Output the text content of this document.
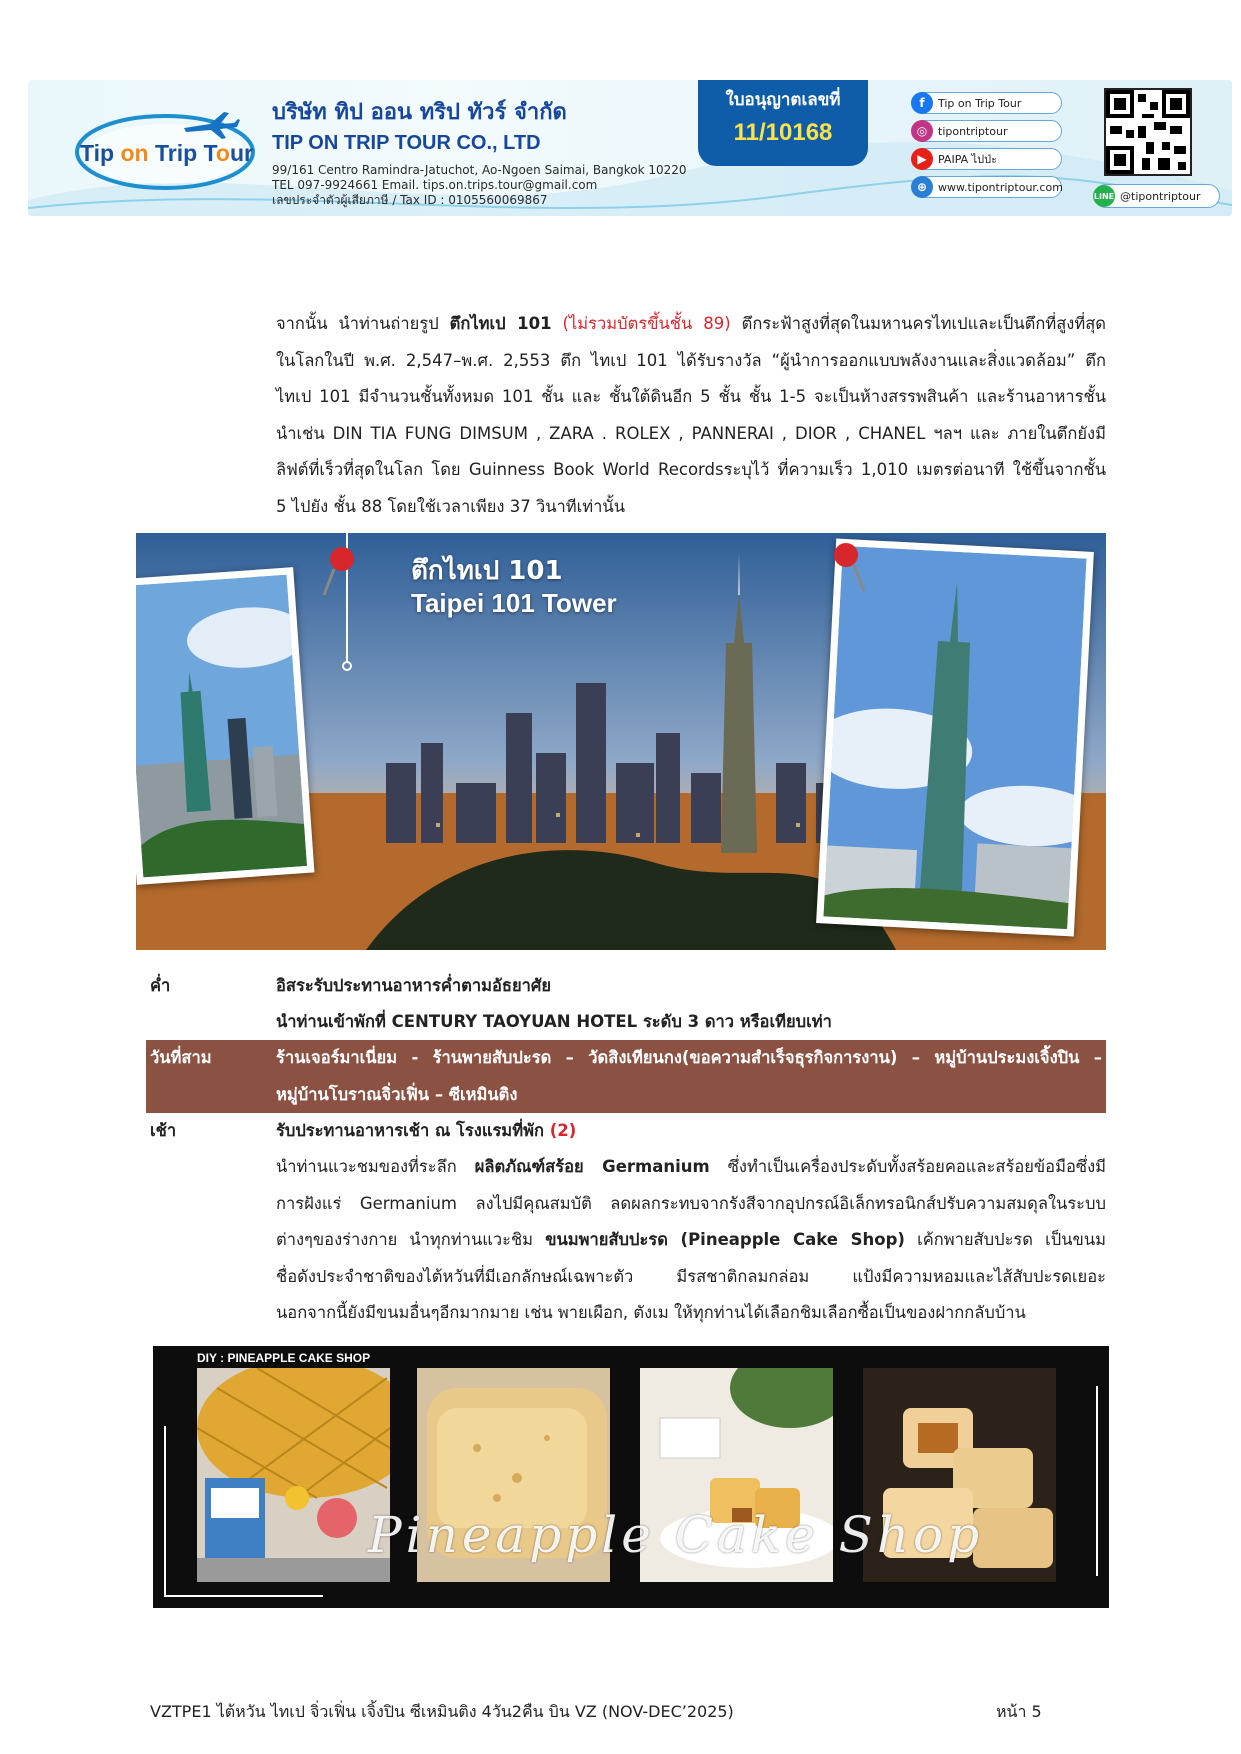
Tip on Trip Tour
บริษัท ทิป ออน ทริป ทัวร์ จำกัด
TIP ON TRIP TOUR CO., LTD
99/161 Centro Ramindra-Jatuchot, Ao-Ngoen Saimai, Bangkok 10220
TEL 097-9924661 Email. tips.on.trips.tour@gmail.com
เลขประจำตัวผู้เสียภาษี / Tax ID : 0105560069867
ใบอนุญาตเลขที่
11/10168
f	Tip on Trip Tour
◎ tipontriptour
▶	PAIPA ไปป่ะ
⊕ www.tipontriptour.com
LINE @tipontriptour
จากนั้น นำท่านถ่ายรูป ตึกไทเป 101 (ไม่รวมบัตรขึ้นชั้น 89) ตึกระฟ้าสูงที่สุดในมหานครไทเปและเป็นตึกที่สูงที่สุด
ในโลกในปี พ.ศ. 2,547–พ.ศ. 2,553 ตึก ไทเป 101 ได้รับรางวัล “ผู้นำการออกแบบพลังงานและสิ่งแวดล้อม” ตึก
ไทเป 101 มีจำนวนชั้นทั้งหมด 101 ชั้น และ ชั้นใต้ดินอีก 5 ชั้น ชั้น 1-5 จะเป็นห้างสรรพสินค้า และร้านอาหารชั้น
นำเช่น DIN TIA FUNG DIMSUM , ZARA . ROLEX , PANNERAI , DIOR , CHANEL ฯลฯ และ ภายในตึกยังมี
ลิฟต์ที่เร็วที่สุดในโลก โดย Guinness Book World Recordsระบุไว้ ที่ความเร็ว 1,010 เมตรต่อนาที ใช้ขึ้นจากชั้น
5 ไปยัง ชั้น 88 โดยใช้เวลาเพียง 37 วินาทีเท่านั้น
ตึกไทเป 101
Taipei 101 Tower
ค่ำ	อิสระรับประทานอาหารค่ำตามอัธยาศัย
นำท่านเข้าพักที่ CENTURY TAOYUAN HOTEL ระดับ 3 ดาว หรือเทียบเท่า
วันที่สาม	ร้านเจอร์มาเนี่ยม - ร้านพายสับปะรด – วัดสิงเทียนกง(ขอความสำเร็จธุรกิจการงาน) – หมู่บ้านประมงเจิ้งปิน –
หมู่บ้านโบราณจิ่วเฟิ่น – ซีเหมินติง
เช้า	รับประทานอาหารเช้า ณ โรงแรมที่พัก (2)
นำท่านแวะชมของที่ระลึก ผลิตภัณฑ์สร้อย Germanium ซึ่งทำเป็นเครื่องประดับทั้งสร้อยคอและสร้อยข้อมือซึ่งมี
การฝังแร่ Germanium ลงไปมีคุณสมบัติ ลดผลกระทบจากรังสีจากอุปกรณ์อิเล็กทรอนิกส์ปรับความสมดุลในระบบ
ต่างๆของร่างกาย นำทุกท่านแวะชิม ขนมพายสับปะรด (Pineapple Cake Shop) เค้กพายสับปะรด เป็นขนม
ชื่อดังประจำชาติของไต้หวันที่มีเอกลักษณ์เฉพาะตัว มีรสชาติกลมกล่อม แป้งมีความหอมและไส้สับปะรดเยอะ
นอกจากนี้ยังมีขนมอื่นๆอีกมากมาย เช่น พายเผือก, ตังเม ให้ทุกท่านได้เลือกชิมเลือกซื้อเป็นของฝากกลับบ้าน
DIY : PINEAPPLE CAKE SHOP
Pineapple Cake Shop
VZTPE1 ไต้หวัน ไทเป จิ่วเฟิ่น เจิ้งปิน ซีเหมินติง 4วัน2คืน บิน VZ (NOV-DEC’2025)	หน้า 5
